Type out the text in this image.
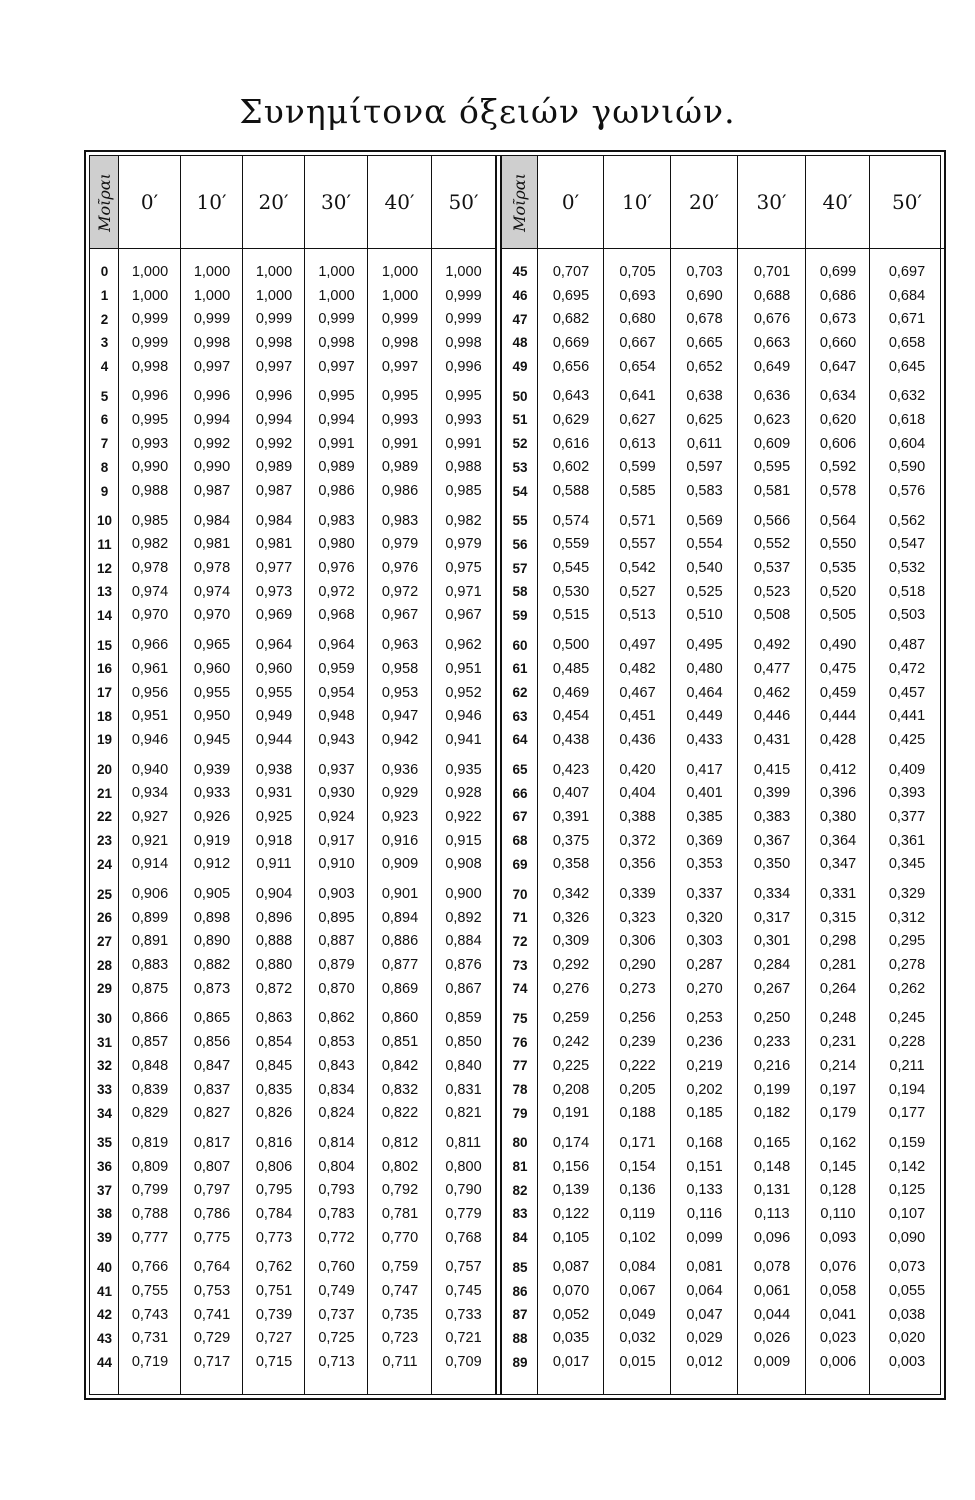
Συνημίτονα όξειών γωνιών.
Μοῖραι	0′	10′	20′	30′	40′	50′
0	1,000	1,000	1,000	1,000	1,000	1,000
1	1,000	1,000	1,000	1,000	1,000	0,999
2	0,999	0,999	0,999	0,999	0,999	0,999
3	0,999	0,998	0,998	0,998	0,998	0,998
4	0,998	0,997	0,997	0,997	0,997	0,996
5	0,996	0,996	0,996	0,995	0,995	0,995
6	0,995	0,994	0,994	0,994	0,993	0,993
7	0,993	0,992	0,992	0,991	0,991	0,991
8	0,990	0,990	0,989	0,989	0,989	0,988
9	0,988	0,987	0,987	0,986	0,986	0,985
10	0,985	0,984	0,984	0,983	0,983	0,982
11	0,982	0,981	0,981	0,980	0,979	0,979
12	0,978	0,978	0,977	0,976	0,976	0,975
13	0,974	0,974	0,973	0,972	0,972	0,971
14	0,970	0,970	0,969	0,968	0,967	0,967
15	0,966	0,965	0,964	0,964	0,963	0,962
16	0,961	0,960	0,960	0,959	0,958	0,951
17	0,956	0,955	0,955	0,954	0,953	0,952
18	0,951	0,950	0,949	0,948	0,947	0,946
19	0,946	0,945	0,944	0,943	0,942	0,941
20	0,940	0,939	0,938	0,937	0,936	0,935
21	0,934	0,933	0,931	0,930	0,929	0,928
22	0,927	0,926	0,925	0,924	0,923	0,922
23	0,921	0,919	0,918	0,917	0,916	0,915
24	0,914	0,912	0,911	0,910	0,909	0,908
25	0,906	0,905	0,904	0,903	0,901	0,900
26	0,899	0,898	0,896	0,895	0,894	0,892
27	0,891	0,890	0,888	0,887	0,886	0,884
28	0,883	0,882	0,880	0,879	0,877	0,876
29	0,875	0,873	0,872	0,870	0,869	0,867
30	0,866	0,865	0,863	0,862	0,860	0,859
31	0,857	0,856	0,854	0,853	0,851	0,850
32	0,848	0,847	0,845	0,843	0,842	0,840
33	0,839	0,837	0,835	0,834	0,832	0,831
34	0,829	0,827	0,826	0,824	0,822	0,821
35	0,819	0,817	0,816	0,814	0,812	0,811
36	0,809	0,807	0,806	0,804	0,802	0,800
37	0,799	0,797	0,795	0,793	0,792	0,790
38	0,788	0,786	0,784	0,783	0,781	0,779
39	0,777	0,775	0,773	0,772	0,770	0,768
40	0,766	0,764	0,762	0,760	0,759	0,757
41	0,755	0,753	0,751	0,749	0,747	0,745
42	0,743	0,741	0,739	0,737	0,735	0,733
43	0,731	0,729	0,727	0,725	0,723	0,721
44	0,719	0,717	0,715	0,713	0,711	0,709
Μοῖραι	0′	10′	20′	30′	40′	50′
45	0,707	0,705	0,703	0,701	0,699	0,697
46	0,695	0,693	0,690	0,688	0,686	0,684
47	0,682	0,680	0,678	0,676	0,673	0,671
48	0,669	0,667	0,665	0,663	0,660	0,658
49	0,656	0,654	0,652	0,649	0,647	0,645
50	0,643	0,641	0,638	0,636	0,634	0,632
51	0,629	0,627	0,625	0,623	0,620	0,618
52	0,616	0,613	0,611	0,609	0,606	0,604
53	0,602	0,599	0,597	0,595	0,592	0,590
54	0,588	0,585	0,583	0,581	0,578	0,576
55	0,574	0,571	0,569	0,566	0,564	0,562
56	0,559	0,557	0,554	0,552	0,550	0,547
57	0,545	0,542	0,540	0,537	0,535	0,532
58	0,530	0,527	0,525	0,523	0,520	0,518
59	0,515	0,513	0,510	0,508	0,505	0,503
60	0,500	0,497	0,495	0,492	0,490	0,487
61	0,485	0,482	0,480	0,477	0,475	0,472
62	0,469	0,467	0,464	0,462	0,459	0,457
63	0,454	0,451	0,449	0,446	0,444	0,441
64	0,438	0,436	0,433	0,431	0,428	0,425
65	0,423	0,420	0,417	0,415	0,412	0,409
66	0,407	0,404	0,401	0,399	0,396	0,393
67	0,391	0,388	0,385	0,383	0,380	0,377
68	0,375	0,372	0,369	0,367	0,364	0,361
69	0,358	0,356	0,353	0,350	0,347	0,345
70	0,342	0,339	0,337	0,334	0,331	0,329
71	0,326	0,323	0,320	0,317	0,315	0,312
72	0,309	0,306	0,303	0,301	0,298	0,295
73	0,292	0,290	0,287	0,284	0,281	0,278
74	0,276	0,273	0,270	0,267	0,264	0,262
75	0,259	0,256	0,253	0,250	0,248	0,245
76	0,242	0,239	0,236	0,233	0,231	0,228
77	0,225	0,222	0,219	0,216	0,214	0,211
78	0,208	0,205	0,202	0,199	0,197	0,194
79	0,191	0,188	0,185	0,182	0,179	0,177
80	0,174	0,171	0,168	0,165	0,162	0,159
81	0,156	0,154	0,151	0,148	0,145	0,142
82	0,139	0,136	0,133	0,131	0,128	0,125
83	0,122	0,119	0,116	0,113	0,110	0,107
84	0,105	0,102	0,099	0,096	0,093	0,090
85	0,087	0,084	0,081	0,078	0,076	0,073
86	0,070	0,067	0,064	0,061	0,058	0,055
87	0,052	0,049	0,047	0,044	0,041	0,038
88	0,035	0,032	0,029	0,026	0,023	0,020
89	0,017	0,015	0,012	0,009	0,006	0,003
